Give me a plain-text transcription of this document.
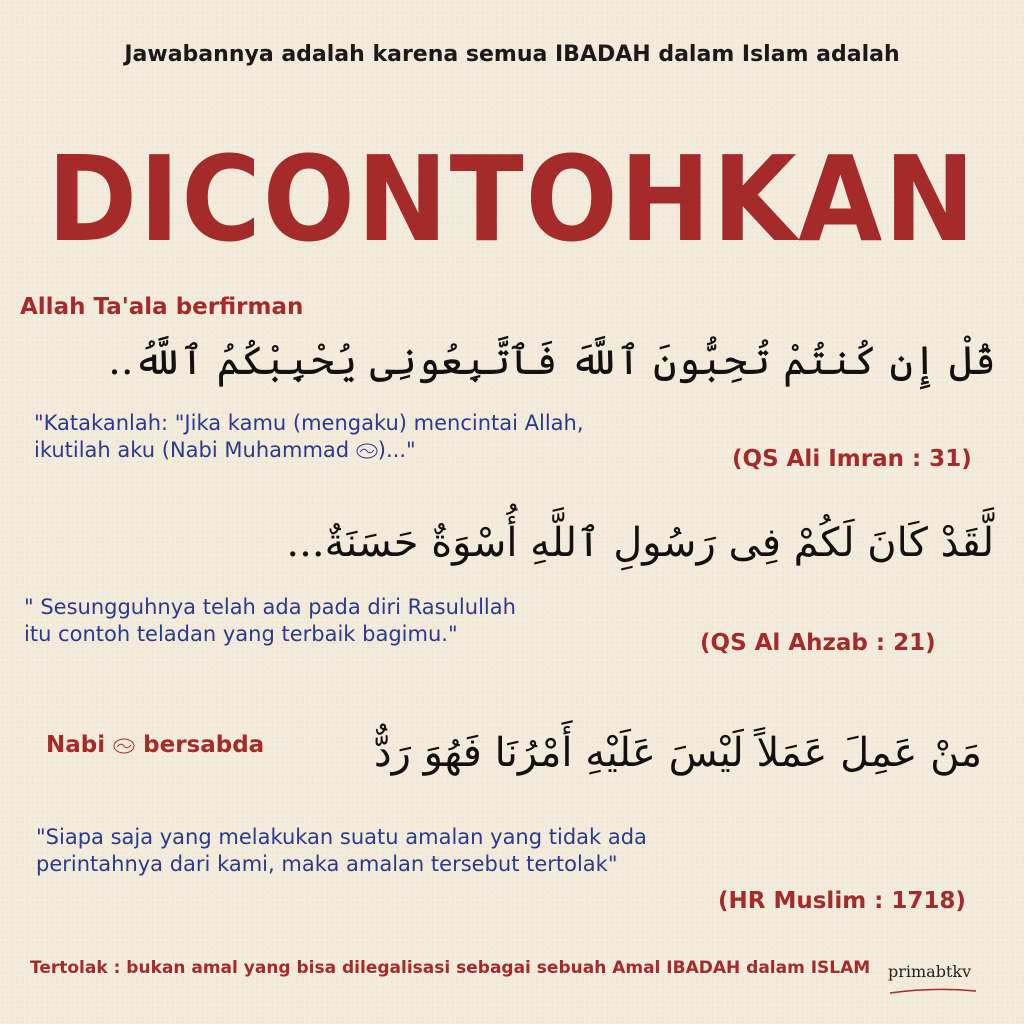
Jawabannya adalah karena semua IBADAH dalam Islam adalah

DICONTOHKAN

Allah Ta'ala berfirman

قُلْ إِن كُنتُمْ تُحِبُّونَ ٱللَّهَ فَٱتَّبِعُونِى يُحْبِبْكُمُ ٱللَّهُ..

"Katakanlah: "Jika kamu (mengaku) mencintai Allah,
ikutilah aku (Nabi Muhammad )..."	(QS Ali Imran : 31)

لَّقَدْ كَانَ لَكُمْ فِى رَسُولِ ٱللَّهِ أُسْوَةٌ حَسَنَةٌ...

" Sesungguhnya telah ada pada diri Rasulullah
itu contoh teladan yang terbaik bagimu."	(QS Al Ahzab : 21)

Nabi  bersabda	مَنْ عَمِلَ عَمَلاً لَيْسَ عَلَيْهِ أَمْرُنَا فَهُوَ رَدٌّ

"Siapa saja yang melakukan suatu amalan yang tidak ada
perintahnya dari kami, maka amalan tersebut tertolak"

(HR Muslim : 1718)

Tertolak : bukan amal yang bisa dilegalisasi sebagai sebuah Amal IBADAH dalam ISLAM primabtkv
